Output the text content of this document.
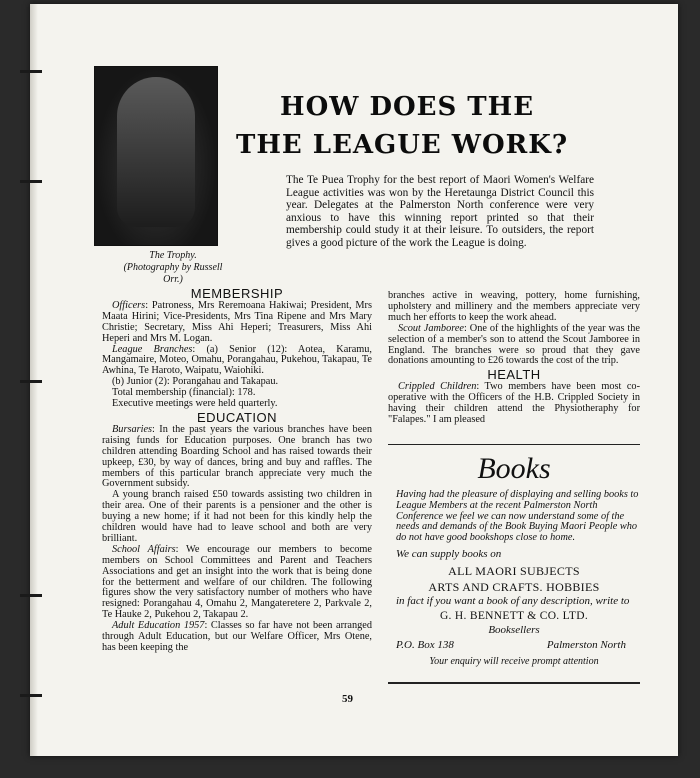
The Trophy.
(Photography by Russell Orr.)
HOW DOES THE
THE LEAGUE WORK?
The Te Puea Trophy for the best report of Maori Women's Welfare League activities was won by the Heretaunga District Council this year. Delegates at the Palmerston North conference were very anxious to have this winning report printed so that their membership could study it at their leisure. To outsiders, the report gives a good picture of the work the League is doing.
MEMBERSHIP

Officers: Patroness, Mrs Reremoana Hakiwai; President, Mrs Maata Hirini; Vice-Presidents, Mrs Tina Ripene and Mrs Mary Christie; Secretary, Miss Ahi Heperi; Treasurers, Miss Ahi Heperi and Mrs M. Logan.

League Branches: (a) Senior (12): Aotea, Karamu, Mangamaire, Moteo, Omahu, Porangahau, Pukehou, Takapau, Te Awhina, Te Haroto, Waipatu, Waiohiki.

(b) Junior (2): Porangahau and Takapau.

Total membership (financial): 178.

Executive meetings were held quarterly.

EDUCATION

Bursaries: In the past years the various branches have been raising funds for Education purposes. One branch has two children attending Boarding School and has raised towards their upkeep, £30, by way of dances, bring and buy and raffles. The members of this particular branch appreciate very much the Government subsidy.

A young branch raised £50 towards assisting two children in their area. One of their parents is a pensioner and the other is buying a new home; if it had not been for this kindly help the children would have had to leave school and both are very brilliant.

School Affairs: We encourage our members to become members on School Committees and Parent and Teachers Associations and get an insight into the work that is being done for the betterment and welfare of our children. The following figures show the very satisfactory number of mothers who have resigned: Porangahau 4, Omahu 2, Mangateretere 2, Parkvale 2, Te Hauke 2, Pukehou 2, Takapau 2.

Adult Education 1957: Classes so far have not been arranged through Adult Education, but our Welfare Officer, Mrs Otene, has been keeping the

branches active in weaving, pottery, home furnishing, upholstery and millinery and the members appreciate very much her efforts to keep the work ahead.

Scout Jamboree: One of the highlights of the year was the selection of a member's son to attend the Scout Jamboree in England. The branches were so proud that they gave donations amounting to £26 towards the cost of the trip.

HEALTH

Crippled Children: Two members have been most co-operative with the Officers of the H.B. Crippled Society in having their children attend the Physiotheraphy for "Falapes." I am pleased

Books

Having had the pleasure of displaying and selling books to League Members at the recent Palmerston North Conference we feel we can now understand some of the needs and demands of the Book Buying Maori People who do not have good bookshops close to home.

We can supply books on

ALL MAORI SUBJECTS

ARTS AND CRAFTS. HOBBIES

in fact if you want a book of any description, write to

G. H. BENNETT & CO. LTD.

Booksellers

P.O. Box 138	Palmerston North

Your enquiry will receive prompt attention

59
